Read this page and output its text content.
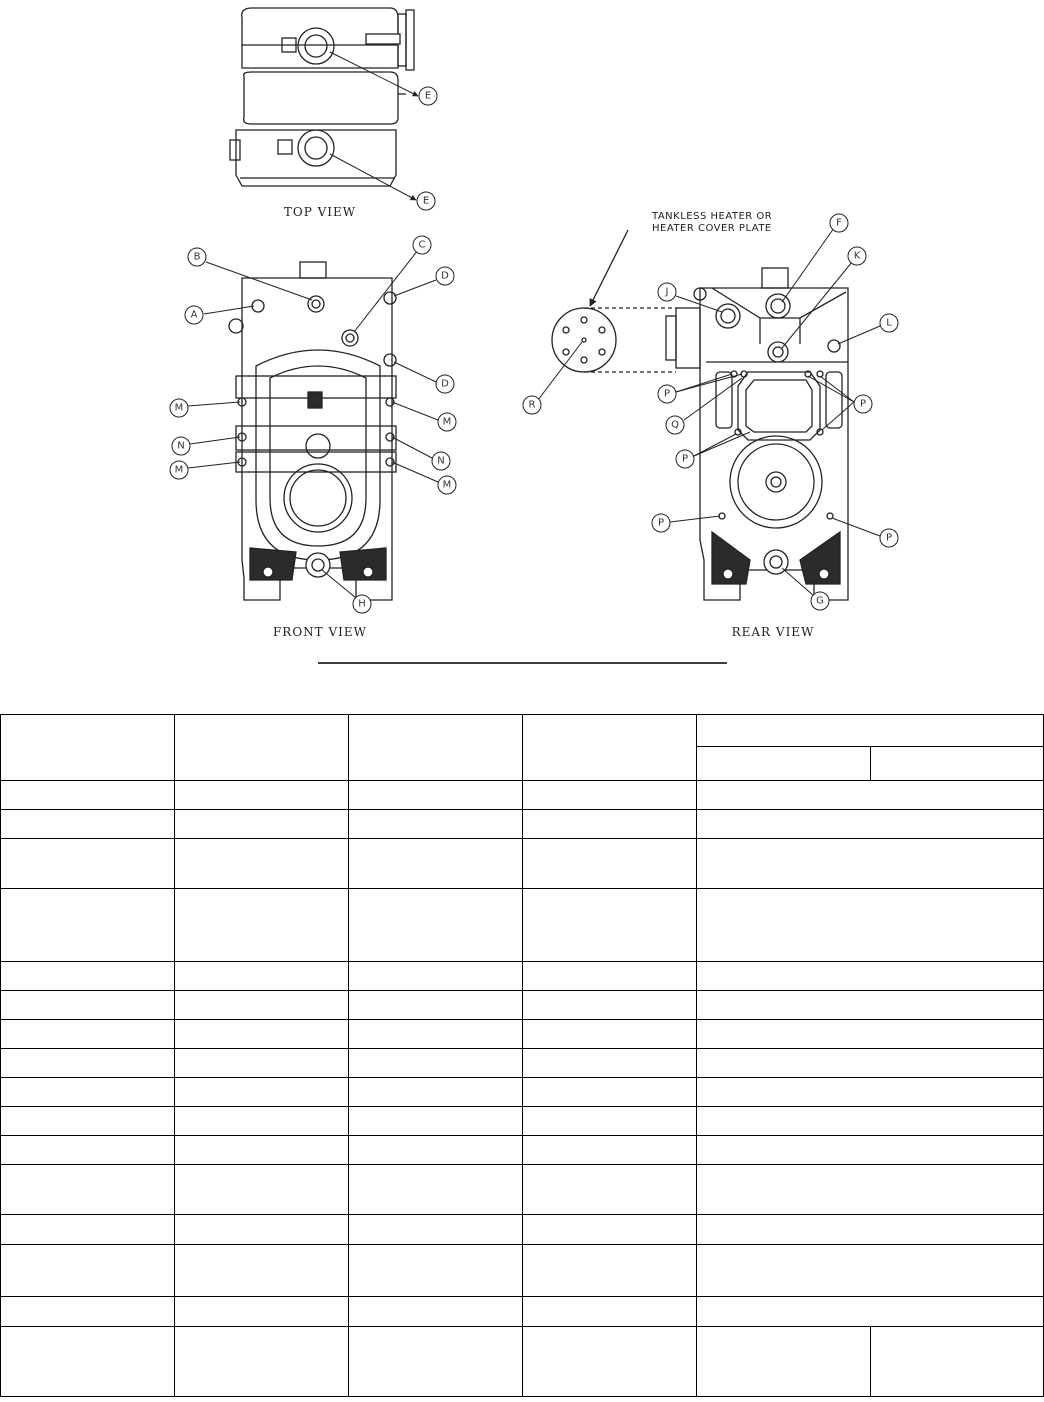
E
E
B
A
C
D
D
M
N
M
M
N
M
H
F
K
J
L
P
Q
P
P
P
P
G
R
TOP VIEW
FRONT VIEW	REAR VIEW
TANKLESS HEATER OR
HEATER COVER PLATE
